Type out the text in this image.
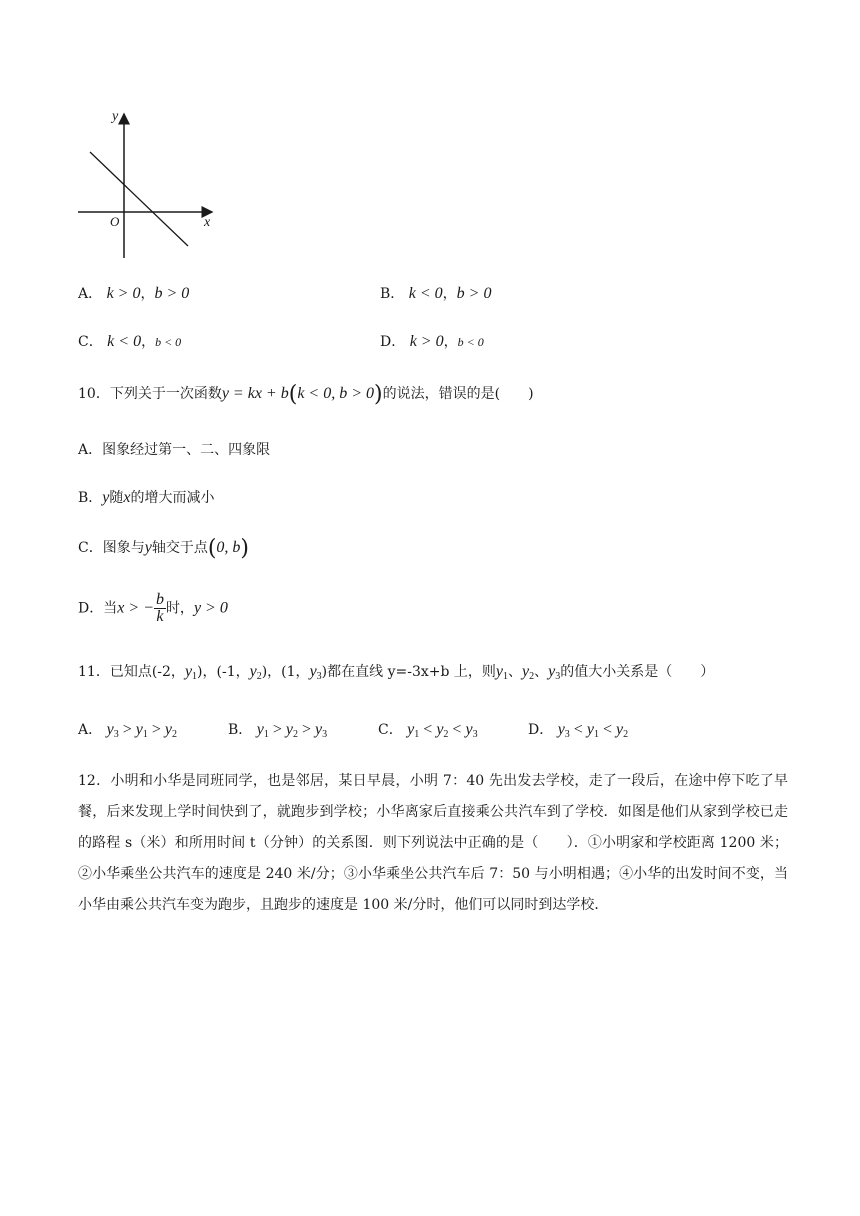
y
x
O
A． k > 0，b > 0	B． k < 0，b > 0
C． k < 0，b < 0	D． k > 0，b < 0
10．下列关于一次函数y = kx + b(k < 0, b > 0)的说法，错误的是(　　)
A．图象经过第一、二、四象限
B．y随x的增大而减小
C．图象与y轴交于点(0, b)
D．当x > − $\frac{b}{k}$ 时，y > 0
11．已知点(-2，$y_1$)，(-1，$y_2$)，(1，$y_3$)都在直线 y=-3x+b 上，则$y_1$、$y_2$、$y_3$的值大小关系是（　　）
A． $y_3 > y_1 > y_2$	B． $y_1 > y_2 > y_3$	C． $y_1 < y_2 < y_3$	D． $y_3 < y_1 < y_2$
12．小明和小华是同班同学，也是邻居，某日早晨，小明 7：40 先出发去学校，走了一段后，在途中停下吃了早餐，后来发现上学时间快到了，就跑步到学校；小华离家后直接乘公共汽车到了学校．如图是他们从家到学校已走的路程 s（米）和所用时间 t（分钟）的关系图．则下列说法中正确的是（　　）．①小明家和学校距离 1200 米；②小华乘坐公共汽车的速度是 240 米/分；③小华乘坐公共汽车后 7：50 与小明相遇；④小华的出发时间不变，当小华由乘公共汽车变为跑步，且跑步的速度是 100 米/分时，他们可以同时到达学校．
